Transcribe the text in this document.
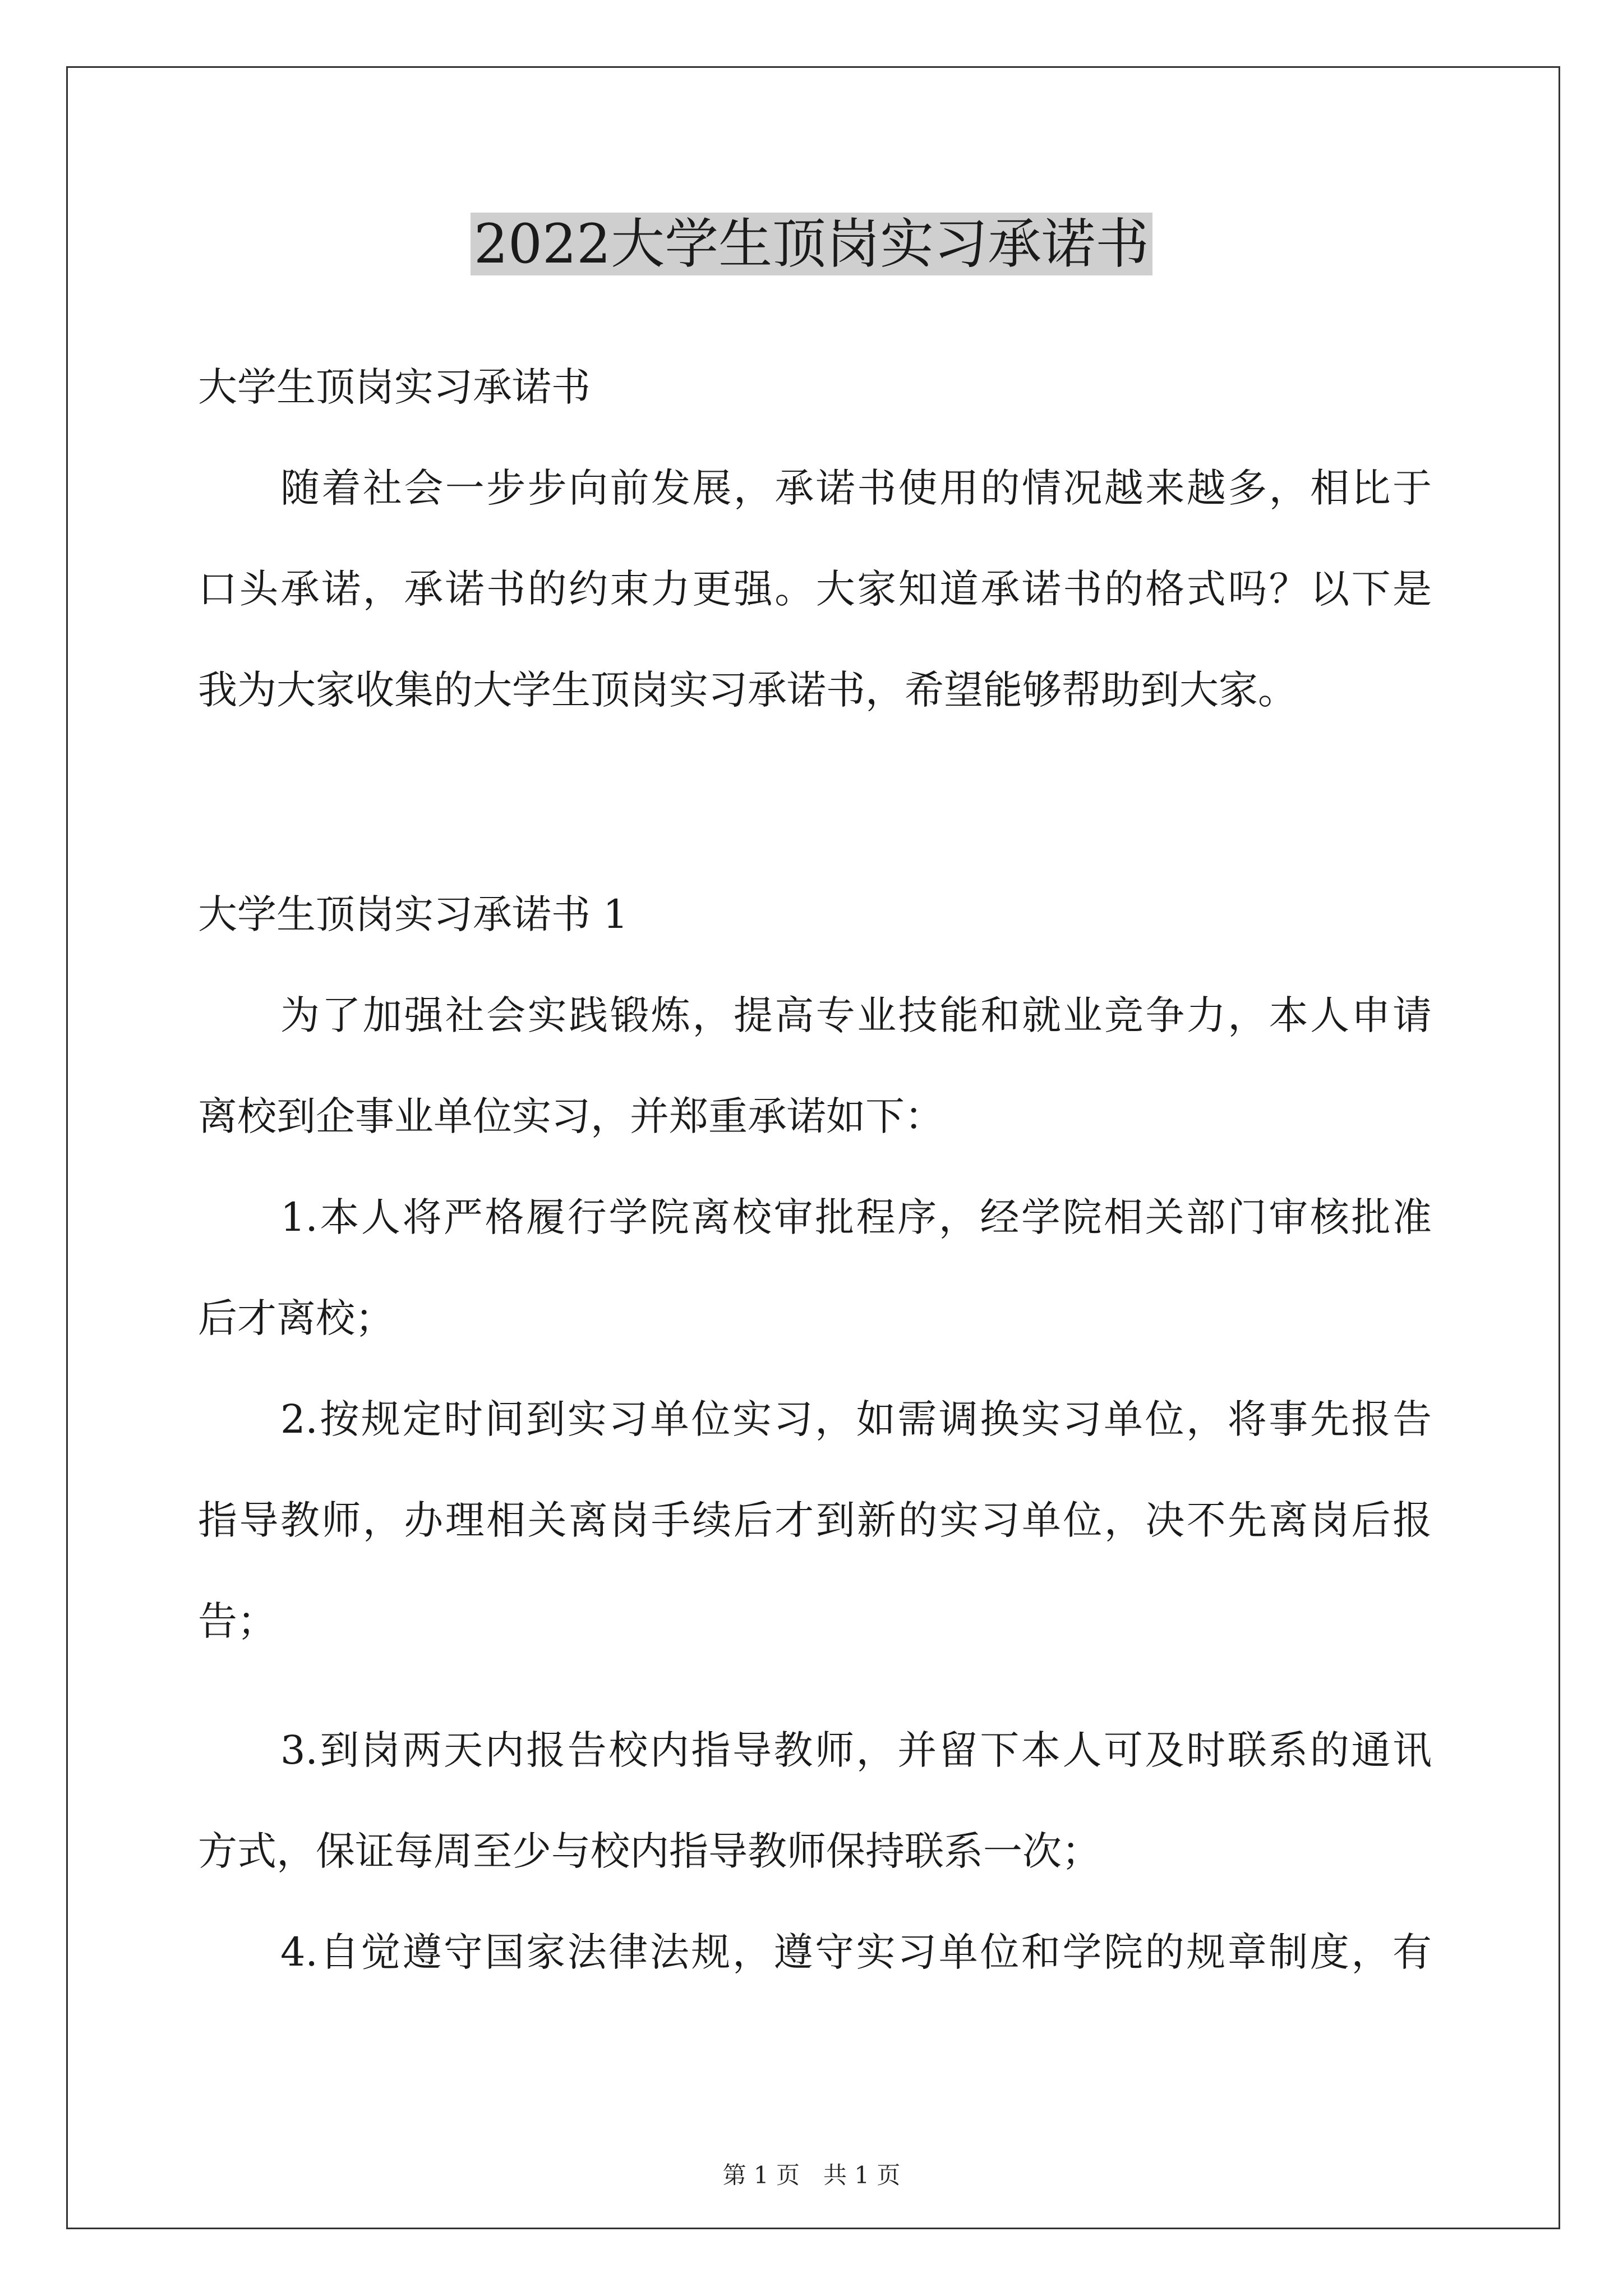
2022大学生顶岗实习承诺书
大学生顶岗实习承诺书
随着社会一步步向前发展，承诺书使用的情况越来越多，相比于
口头承诺，承诺书的约束力更强。大家知道承诺书的格式吗？以下是
我为大家收集的大学生顶岗实习承诺书，希望能够帮助到大家。
大学生顶岗实习承诺书 1
为了加强社会实践锻炼，提高专业技能和就业竞争力，本人申请
离校到企事业单位实习，并郑重承诺如下：
1.本人将严格履行学院离校审批程序，经学院相关部门审核批准
后才离校；
2.按规定时间到实习单位实习，如需调换实习单位，将事先报告
指导教师，办理相关离岗手续后才到新的实习单位，决不先离岗后报
告；
3.到岗两天内报告校内指导教师，并留下本人可及时联系的通讯
方式，保证每周至少与校内指导教师保持联系一次；
4.自觉遵守国家法律法规，遵守实习单位和学院的规章制度，有
第 1 页　共 1 页
